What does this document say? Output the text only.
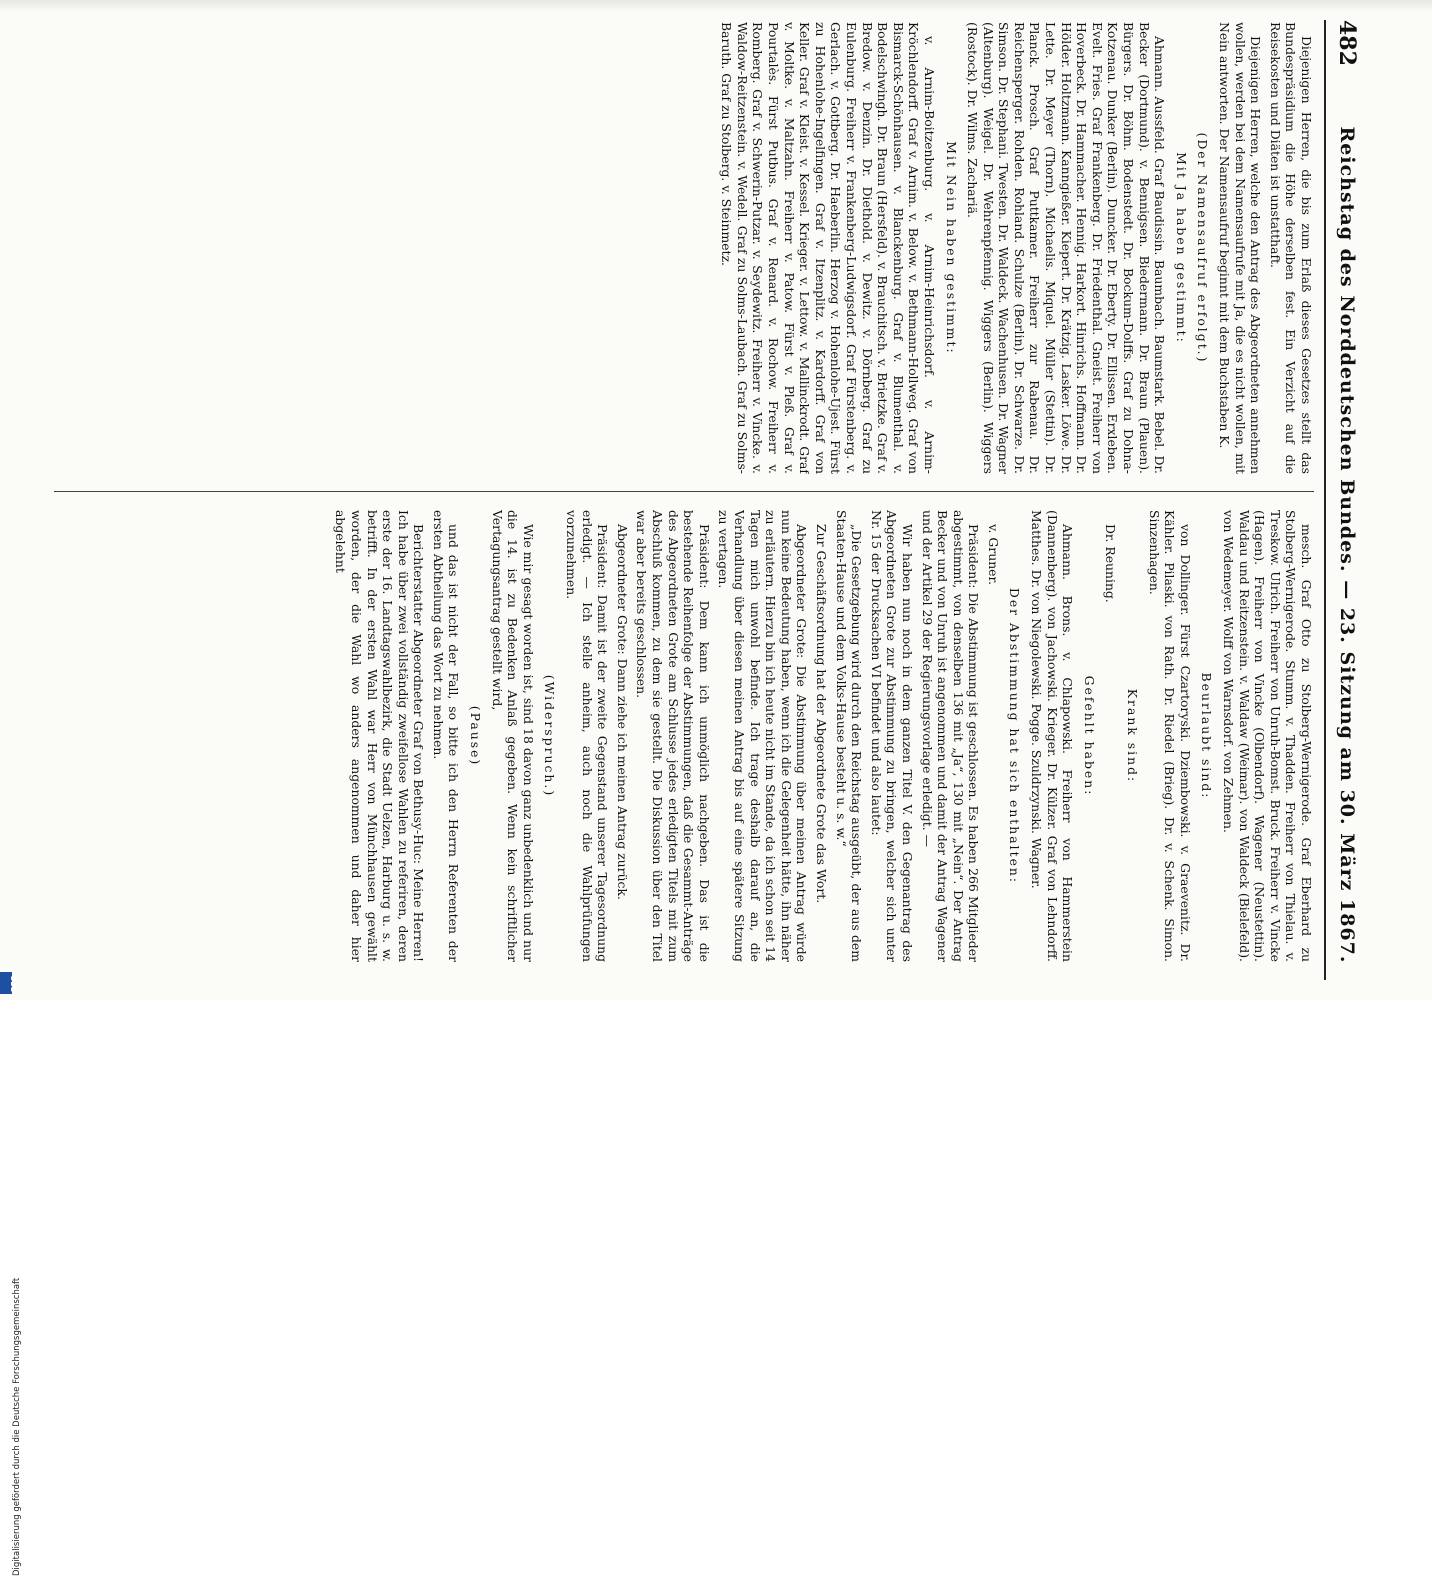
482
Reichstag des Norddeutschen Bundes. — 23. Sitzung am 30. März 1867.

Diejenigen Herren, die bis zum Erlaß dieses Gesetzes stellt das Bundespräsidium die Höhe derselben fest. Ein Verzicht auf die Reisekosten und Diäten ist unstatthaft.

Diejenigen Herren, welche den Antrag des Abgeordneten annehmen wollen, werden bei dem Namensaufrufe mit Ja, die es nicht wollen, mit Nein antworten. Der Namensaufruf beginnt mit dem Buchstaben K.

(Der Namensaufruf erfolgt.)

Mit Ja haben gestimmt:

Ahmann. Aussfeld. Graf Baudissin. Baumbach. Baumstark. Bebel. Dr. Becker (Dortmund). v. Bennigsen. Biedermann. Dr. Braun (Plauen). Bürgers. Dr. Böhm. Bodenstedt. Dr. Bockum-Dolffs. Graf zu Dohna-Kotzenau. Dunker (Berlin). Duncker. Dr. Eberty. Dr. Ellissen. Erxleben. Evelt. Fries. Graf Frankenberg. Dr. Friedenthal. Gneist. Freiherr von Hoverbeck. Dr. Hammacher. Hennig. Harkort. Hinrichs. Hoffmann. Dr. Hölder. Holtzmann. Kanngießer. Kiepert. Dr. Krätzig. Lasker. Löwe. Dr. Lette. Dr. Meyer (Thorn). Michaelis. Miquel. Müller (Stettin). Dr. Planck. Prosch. Graf Puttkamer. Freiherr zur Rabenau. Dr. Reichensperger. Rohden. Rohland. Schulze (Berlin). Dr. Schwarze. Dr. Simson. Dr. Stephani. Twesten. Dr. Waldeck. Wachenhusen. Dr. Wagner (Altenburg). Weigel. Dr. Wehrenpfennig. Wiggers (Berlin). Wiggers (Rostock). Dr. Wilms. Zachariä.

Mit Nein haben gestimmt:

v. Arnim-Boitzenburg. v. Arnim-Heinrichsdorf. v. Arnim-Kröchlendorff. Graf v. Arnim. v. Below. v. Bethmann-Hollweg. Graf von Bismarck-Schönhausen. v. Blanckenburg. Graf v. Blumenthal. v. Bodelschwingh. Dr. Braun (Hersfeld). v. Brauchitsch. v. Brietzke. Graf v. Bredow. v. Denzin. Dr. Diethold. v. Dewitz. v. Dörnberg. Graf zu Eulenburg. Freiherr v. Frankenberg-Ludwigsdorf. Graf Fürstenberg. v. Gerlach. v. Gottberg. Dr. Haeberlin. Herzog v. Hohenlohe-Ujest. Fürst zu Hohenlohe-Ingelfingen. Graf v. Itzenplitz. v. Kardorff. Graf von Keller. Graf v. Kleist. v. Kessel. Krieger. v. Lettow. v. Mallinckrodt. Graf v. Moltke. v. Maltzahn. Freiherr v. Patow. Fürst v. Pleß. Graf v. Pourtalès. Fürst Putbus. Graf v. Renard. v. Rochow. Freiherr v. Romberg. Graf v. Schwerin-Putzar. v. Seydewitz. Freiherr v. Vincke. v. Waldow-Reitzenstein. v. Wedell. Graf zu Solms-Laubach. Graf zu Solms-Baruth. Graf zu Stolberg. v. Steinmetz.

mesch. Graf Otto zu Stolberg-Wernigerode. Graf Eberhard zu Stolberg-Wernigerode. Stumm. v. Thadden. Freiherr von Thielau. v. Treskow. Ulrich. Freiherr von Unruh-Bomst. Bruck. Freiherr v. Vincke (Hagen). Freiherr von Vincke (Olbendorf). Wagener (Neustettin). Waldau und Reitzenstein. v. Waldaw (Weimar). von Waldeck (Bielefeld). von Wedemeyer. Wolff von Warnsdorf. von Zehmen.

Beurlaubt sind:

von Dollinger. Fürst Czartoryski. Dziembowski. v. Graevenitz. Dr. Kähler. Pilaski. von Rath. Dr. Riedel (Brieg). Dr. v. Schenk. Simon. Sinzenhagen.

Krank sind:

Dr. Reuning.

Gefehlt haben:

Ahmann. Brons. v. Chlapowski. Freiherr von Hammerstein (Dannenberg). von Jachowski. Krieger. Dr. Külzer. Graf von Lehndorff. Matthes. Dr. von Niegolewski. Pogge. Szuldrzynski. Wagner.

Der Abstimmung hat sich enthalten:

v. Gruner.

Präsident: Die Abstimmung ist geschlossen. Es haben 266 Mitglieder abgestimmt, von denselben 136 mit „Ja“, 130 mit „Nein“. Der Antrag Becker und von Unruh ist angenommen und damit der Antrag Wagener und der Artikel 29 der Regierungsvorlage erledigt. —

Wir haben nun noch in dem ganzen Titel V. den Gegenantrag des Abgeordneten Grote zur Abstimmung zu bringen, welcher sich unter Nr. 15 der Drucksachen VI befindet und also lautet:

„Die Gesetzgebung wird durch den Reichstag ausgeübt, der aus dem Staaten-Hause und dem Volks-Hause besteht u. s. w.“

Zur Geschäftsordnung hat der Abgeordnete Grote das Wort.

Abgeordneter Grote: Die Abstimmung über meinen Antrag würde nun keine Bedeutung haben, wenn ich die Gelegenheit hätte, ihn näher zu erläutern. Hierzu bin ich heute nicht im Stande, da ich schon seit 14 Tagen mich unwohl befinde. Ich trage deshalb darauf an, die Verhandlung über diesen meinen Antrag bis auf eine spätere Sitzung zu vertagen.

Präsident: Dem kann ich unmöglich nachgeben. Das ist die bestehende Reihenfolge der Abstimmungen, daß die Gesammt-Anträge des Abgeordneten Grote am Schlusse jedes erledigten Titels mit zum Abschluß kommen, zu dem sie gestellt. Die Diskussion über den Titel war aber bereits geschlossen.

Abgeordneter Grote: Dann ziehe ich meinen Antrag zurück.

Präsident: Damit ist der zweite Gegenstand unserer Tagesordnung erledigt. — Ich stelle anheim, auch noch die Wahlprüfungen vorzunehmen.

(Widerspruch.)

Wie mir gesagt worden ist, sind 18 davon ganz unbedenklich und nur die 14. ist zu Bedenken Anlaß gegeben. Wenn kein schriftlicher Vertagungsantrag gestellt wird,

(Pause)

und das ist nicht der Fall, so bitte ich den Herrn Referenten der ersten Abtheilung das Wort zu nehmen.

Berichterstatter Abgeordneter Graf von Bethusy-Huc: Meine Herren! Ich habe über zwei vollständig zweifellose Wahlen zu referiren, deren erste der 16. Landtagswahlbezirk, die Stadt Uelzen, Harburg u. s. w. betrifft. In der ersten Wahl war Herr von Münchhausen gewählt worden, der die Wahl wo anders angenommen und daher hier abgelehnt

Digitalisierung gefördert durch die Deutsche Forschungsgemeinschaft
DFG
